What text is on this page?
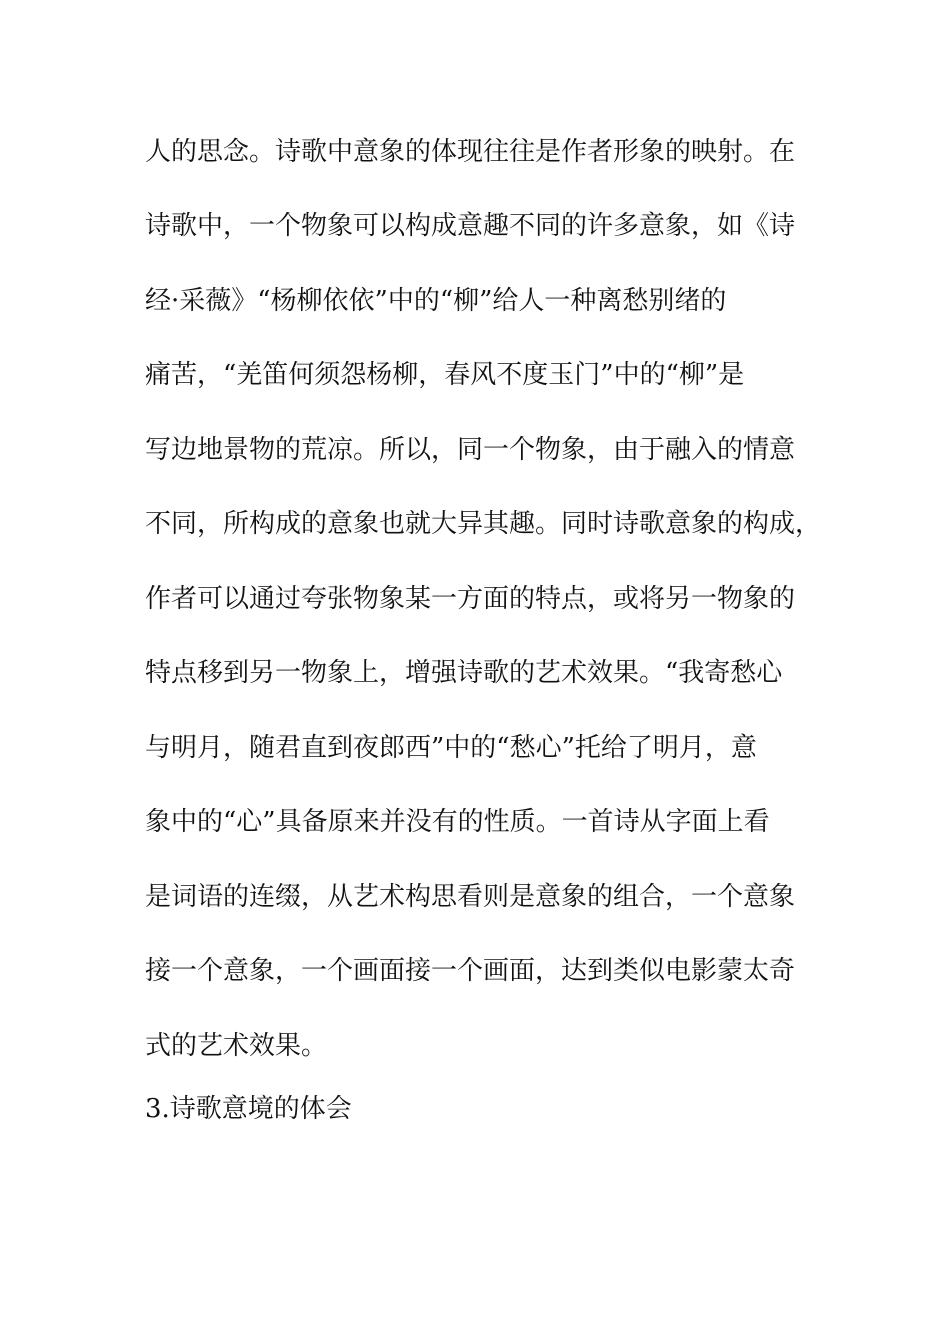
人的思念。诗歌中意象的体现往往是作者形象的映射。在
诗歌中，一个物象可以构成意趣不同的许多意象，如《诗
经·采薇》“杨柳依依”中的“柳”给人一种离愁别绪的
痛苦，“羌笛何须怨杨柳，春风不度玉门”中的“柳”是
写边地景物的荒凉。所以，同一个物象，由于融入的情意
不同，所构成的意象也就大异其趣。同时诗歌意象的构成，
作者可以通过夸张物象某一方面的特点，或将另一物象的
特点移到另一物象上，增强诗歌的艺术效果。“我寄愁心
与明月，随君直到夜郎西”中的“愁心”托给了明月，意
象中的“心”具备原来并没有的性质。一首诗从字面上看
是词语的连缀，从艺术构思看则是意象的组合，一个意象
接一个意象，一个画面接一个画面，达到类似电影蒙太奇
式的艺术效果。
3.诗歌意境的体会
